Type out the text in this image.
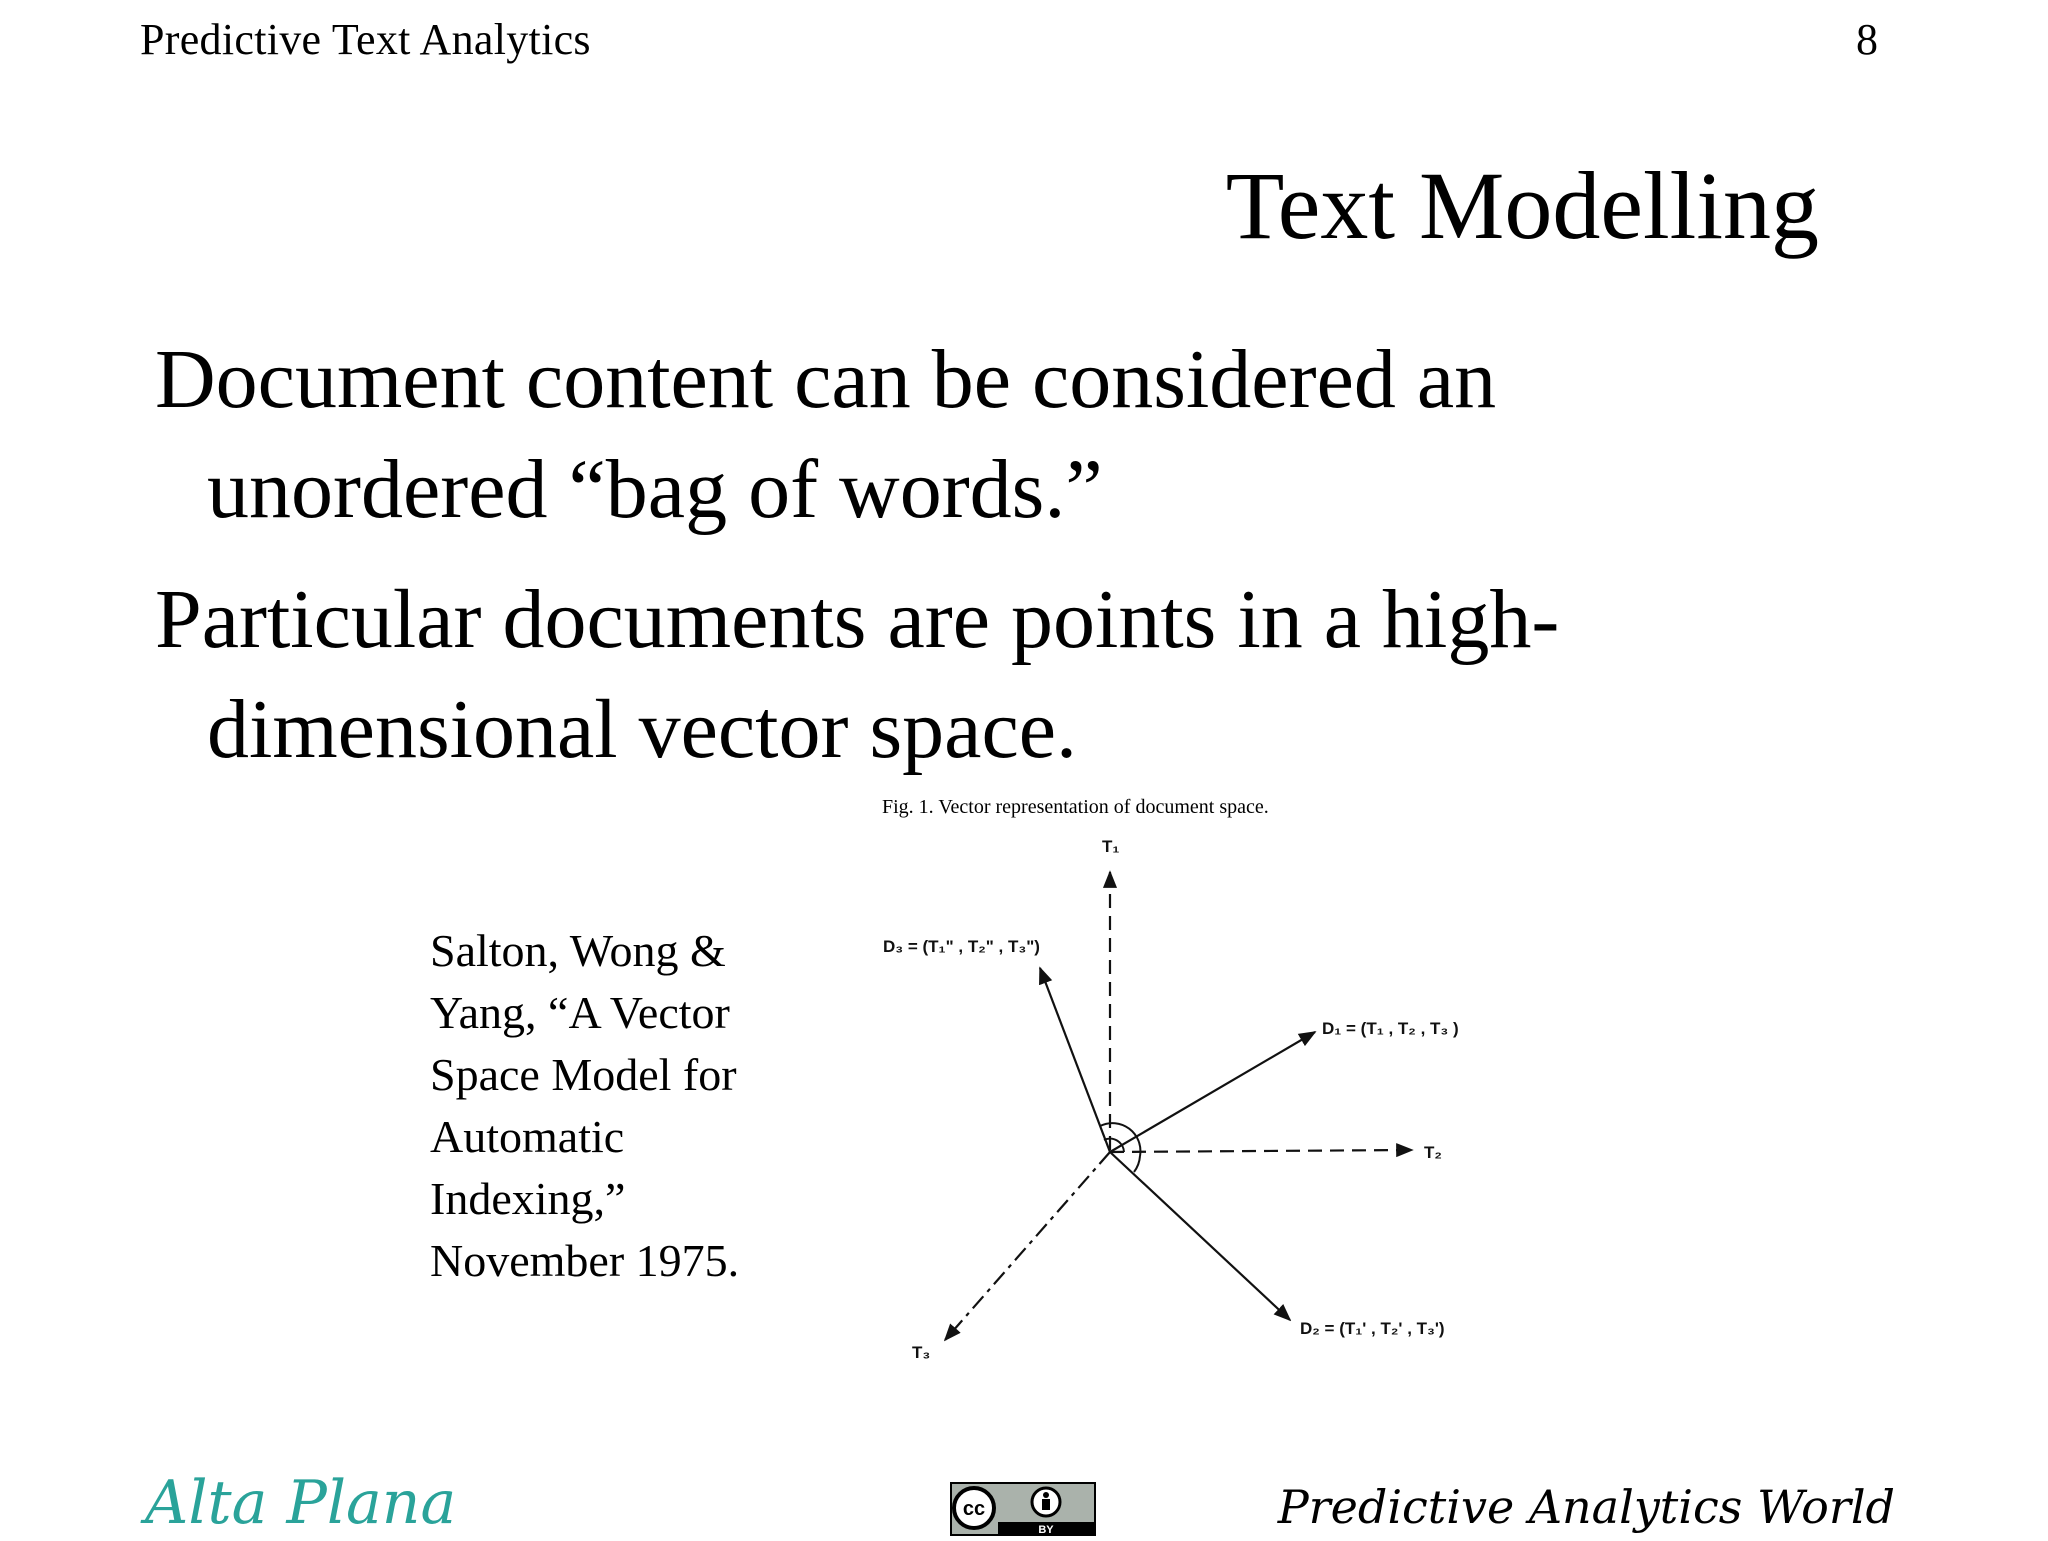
Predictive Text Analytics	8
Text Modelling
Document content can be considered an
unordered “bag of words.”
Particular documents are points in a high-
dimensional vector space.
Salton, Wong &
Yang, “A Vector
Space Model for
Automatic
Indexing,”
November 1975.
Fig. 1. Vector representation of document space.
T₁
T₂
T₃
D₁ = (T₁ , T₂ , T₃ )
D₂ = (T₁' , T₂' , T₃')
D₃ = (T₁" , T₂" , T₃")
Alta Plana	cc
BY	Predictive Analytics World
